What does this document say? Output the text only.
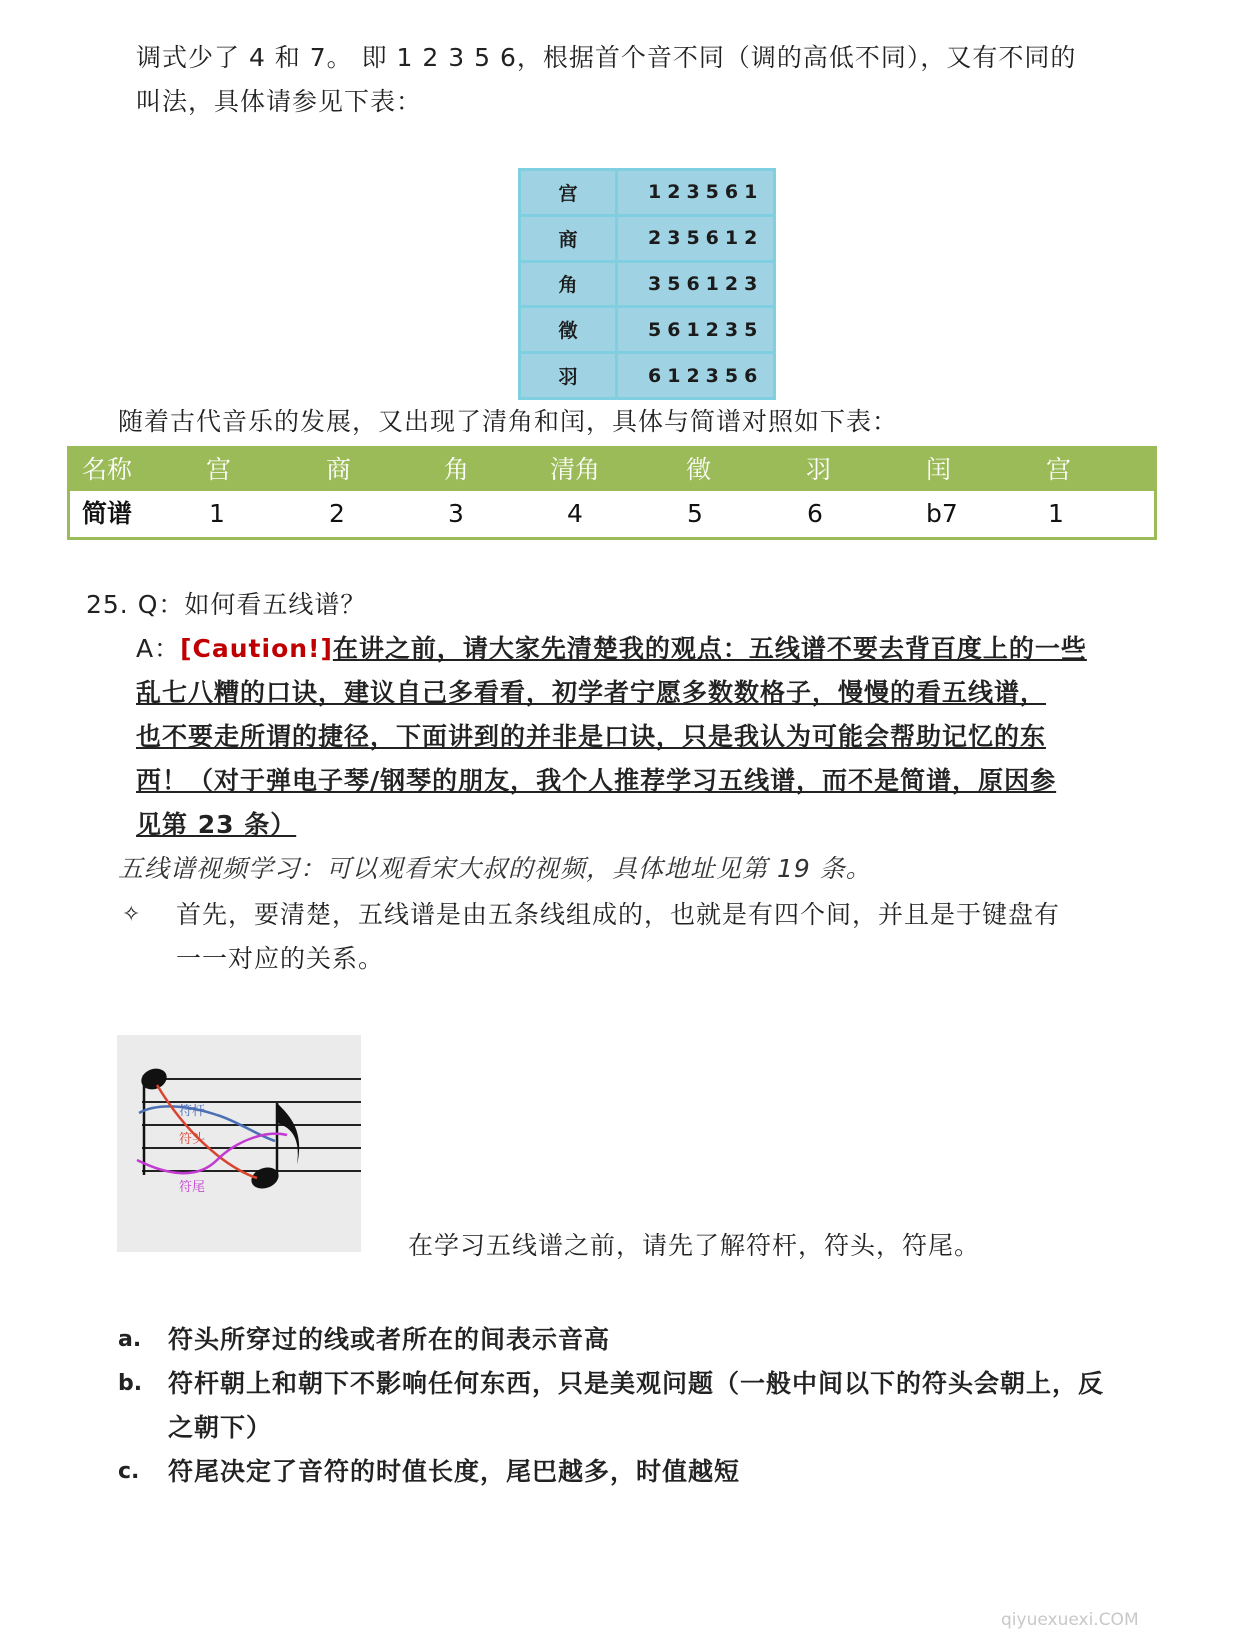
调式少了 4 和 7。 即 1 2 3 5 6，根据首个音不同（调的高低不同），又有不同的
叫法，具体请参见下表：
宫	123561
商	235612
角	356123
徵	561235
羽	612356
随着古代音乐的发展，又出现了清角和闰，具体与简谱对照如下表：
名称	宫	商	角	清角	徵	羽	闰	宫
简谱	1	2	3	4	5	6	b7	1
25. Q：如何看五线谱？
A：[Caution!]在讲之前，请大家先清楚我的观点：五线谱不要去背百度上的一些
乱七八糟的口诀，建议自己多看看，初学者宁愿多数数格子，慢慢的看五线谱，
也不要走所谓的捷径，下面讲到的并非是口诀，只是我认为可能会帮助记忆的东
西！（对于弹电子琴/钢琴的朋友，我个人推荐学习五线谱，而不是简谱，原因参
见第 23 条）
五线谱视频学习：可以观看宋大叔的视频，具体地址见第 19 条。
✧ 首先，要清楚，五线谱是由五条线组成的，也就是有四个间，并且是于键盘有
一一对应的关系。
符杆
符头
符尾
在学习五线谱之前，请先了解符杆，符头，符尾。
a. 符头所穿过的线或者所在的间表示音高
b. 符杆朝上和朝下不影响任何东西，只是美观问题（一般中间以下的符头会朝上，反
之朝下）
c. 符尾决定了音符的时值长度，尾巴越多，时值越短
qiyuexuexi.COM
